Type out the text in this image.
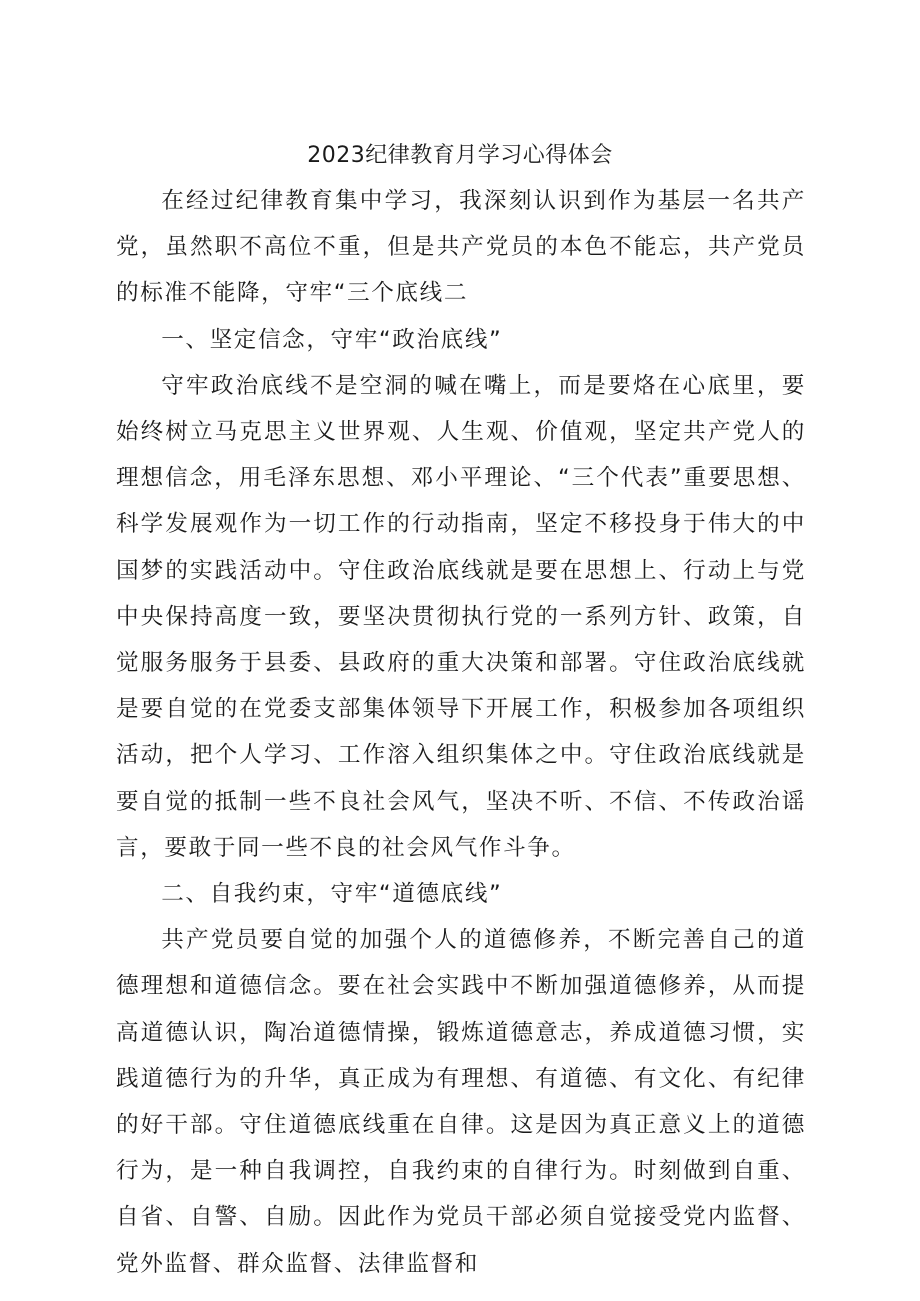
2023纪律教育月学习心得体会

在经过纪律教育集中学习，我深刻认识到作为基层一名共产党，虽然职不高位不重，但是共产党员的本色不能忘，共产党员的标准不能降，守牢“三个底线二

一、坚定信念，守牢“政治底线”

守牢政治底线不是空洞的喊在嘴上，而是要烙在心底里，要始终树立马克思主义世界观、人生观、价值观，坚定共产党人的理想信念，用毛泽东思想、邓小平理论、“三个代表”重要思想、科学发展观作为一切工作的行动指南，坚定不移投身于伟大的中国梦的实践活动中。守住政治底线就是要在思想上、行动上与党中央保持高度一致，要坚决贯彻执行党的一系列方针、政策，自觉服务服务于县委、县政府的重大决策和部署。守住政治底线就是要自觉的在党委支部集体领导下开展工作，积极参加各项组织活动，把个人学习、工作溶入组织集体之中。守住政治底线就是要自觉的抵制一些不良社会风气，坚决不听、不信、不传政治谣言，要敢于同一些不良的社会风气作斗争。

二、自我约束，守牢“道德底线”

共产党员要自觉的加强个人的道德修养，不断完善自己的道德理想和道德信念。要在社会实践中不断加强道德修养，从而提高道德认识，陶冶道德情操，锻炼道德意志，养成道德习惯，实践道德行为的升华，真正成为有理想、有道德、有文化、有纪律的好干部。守住道德底线重在自律。这是因为真正意义上的道德行为，是一种自我调控，自我约束的自律行为。时刻做到自重、自省、自警、自励。因此作为党员干部必须自觉接受党内监督、党外监督、群众监督、法律监督和
